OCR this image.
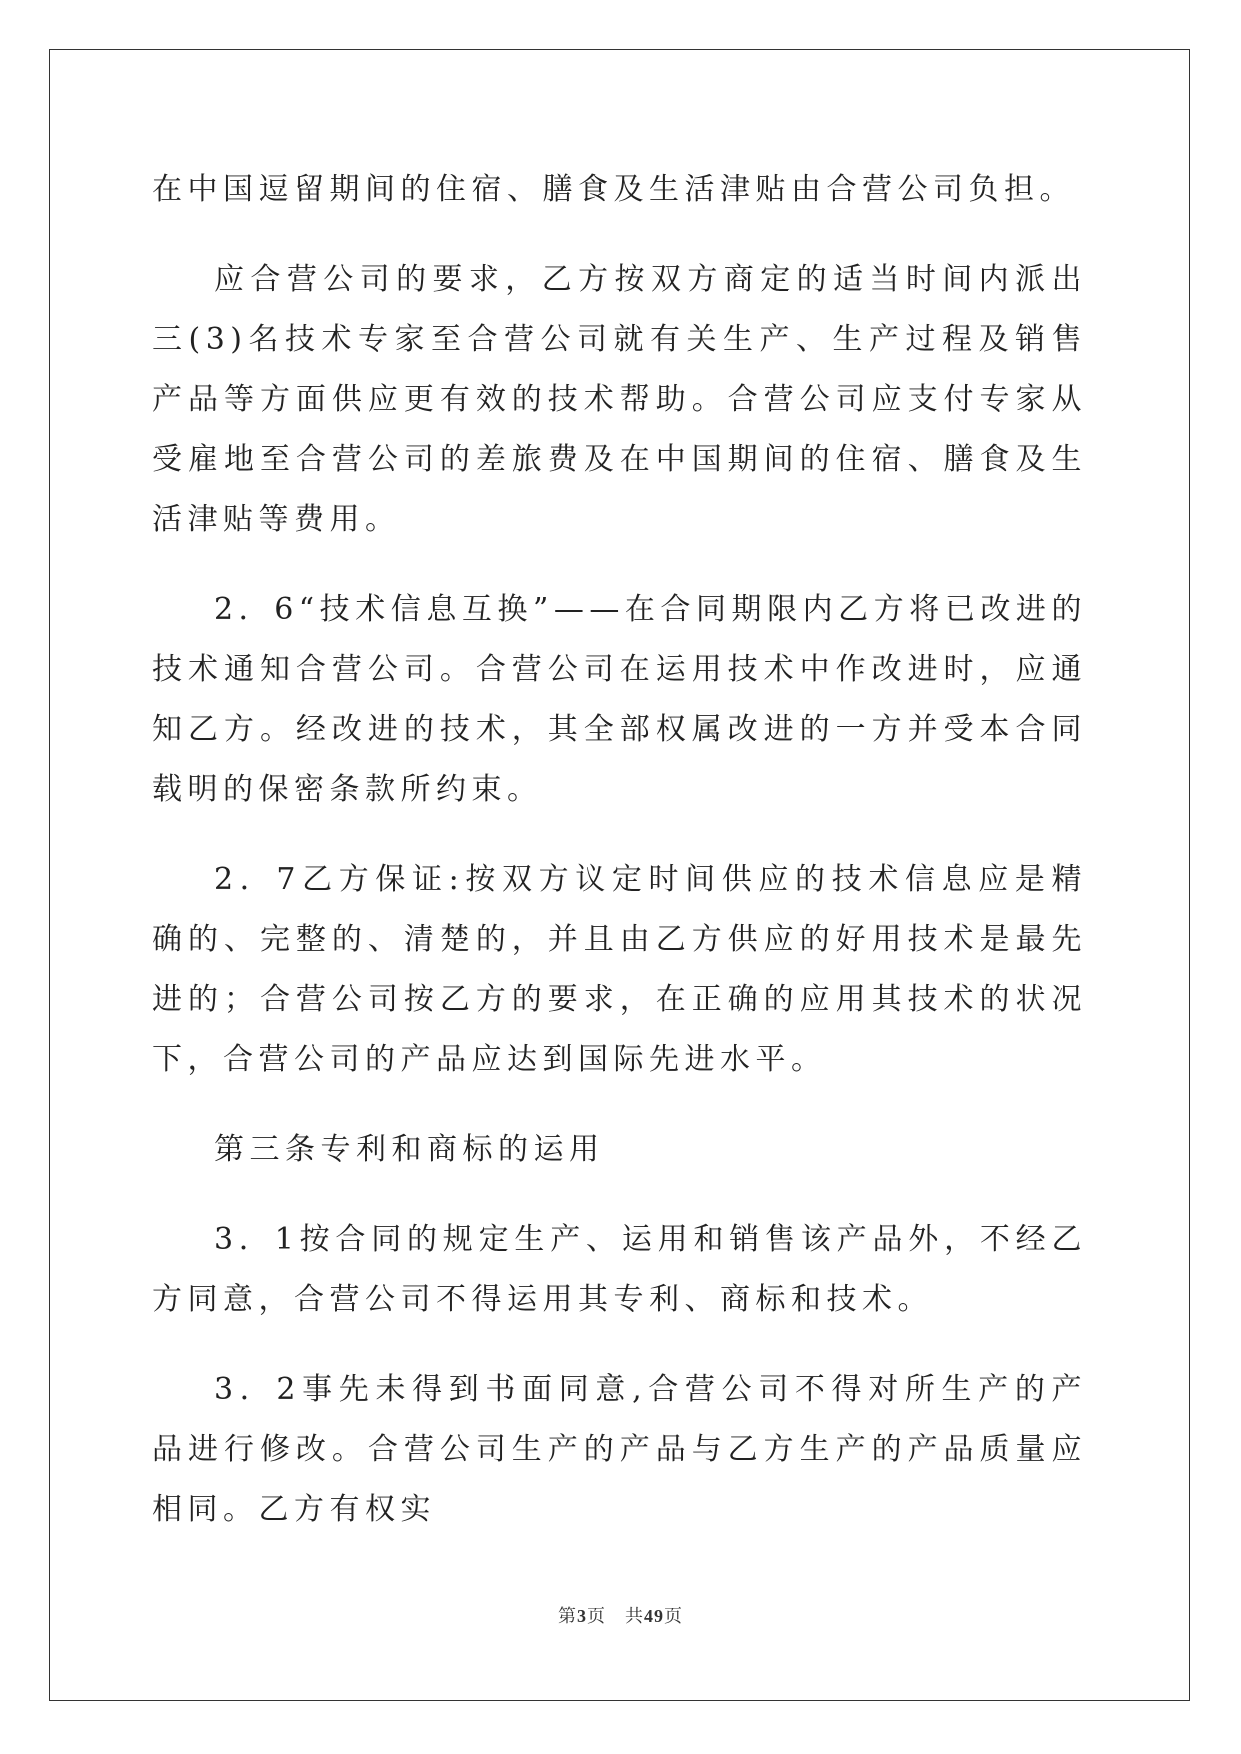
在中国逗留期间的住宿、膳食及生活津贴由合营公司负担。

应合营公司的要求，乙方按双方商定的适当时间内派出三(3)名技术专家至合营公司就有关生产、生产过程及销售产品等方面供应更有效的技术帮助。合营公司应支付专家从受雇地至合营公司的差旅费及在中国期间的住宿、膳食及生活津贴等费用。

2．6“技术信息互换”——在合同期限内乙方将已改进的技术通知合营公司。合营公司在运用技术中作改进时，应通知乙方。经改进的技术，其全部权属改进的一方并受本合同载明的保密条款所约束。

2．7乙方保证:按双方议定时间供应的技术信息应是精确的、完整的、清楚的，并且由乙方供应的好用技术是最先进的；合营公司按乙方的要求，在正确的应用其技术的状况下，合营公司的产品应达到国际先进水平。

第三条专利和商标的运用

3．1按合同的规定生产、运用和销售该产品外，不经乙方同意，合营公司不得运用其专利、商标和技术。

3．2事先未得到书面同意,合营公司不得对所生产的产品进行修改。合营公司生产的产品与乙方生产的产品质量应相同。乙方有权实

第3页　共49页
